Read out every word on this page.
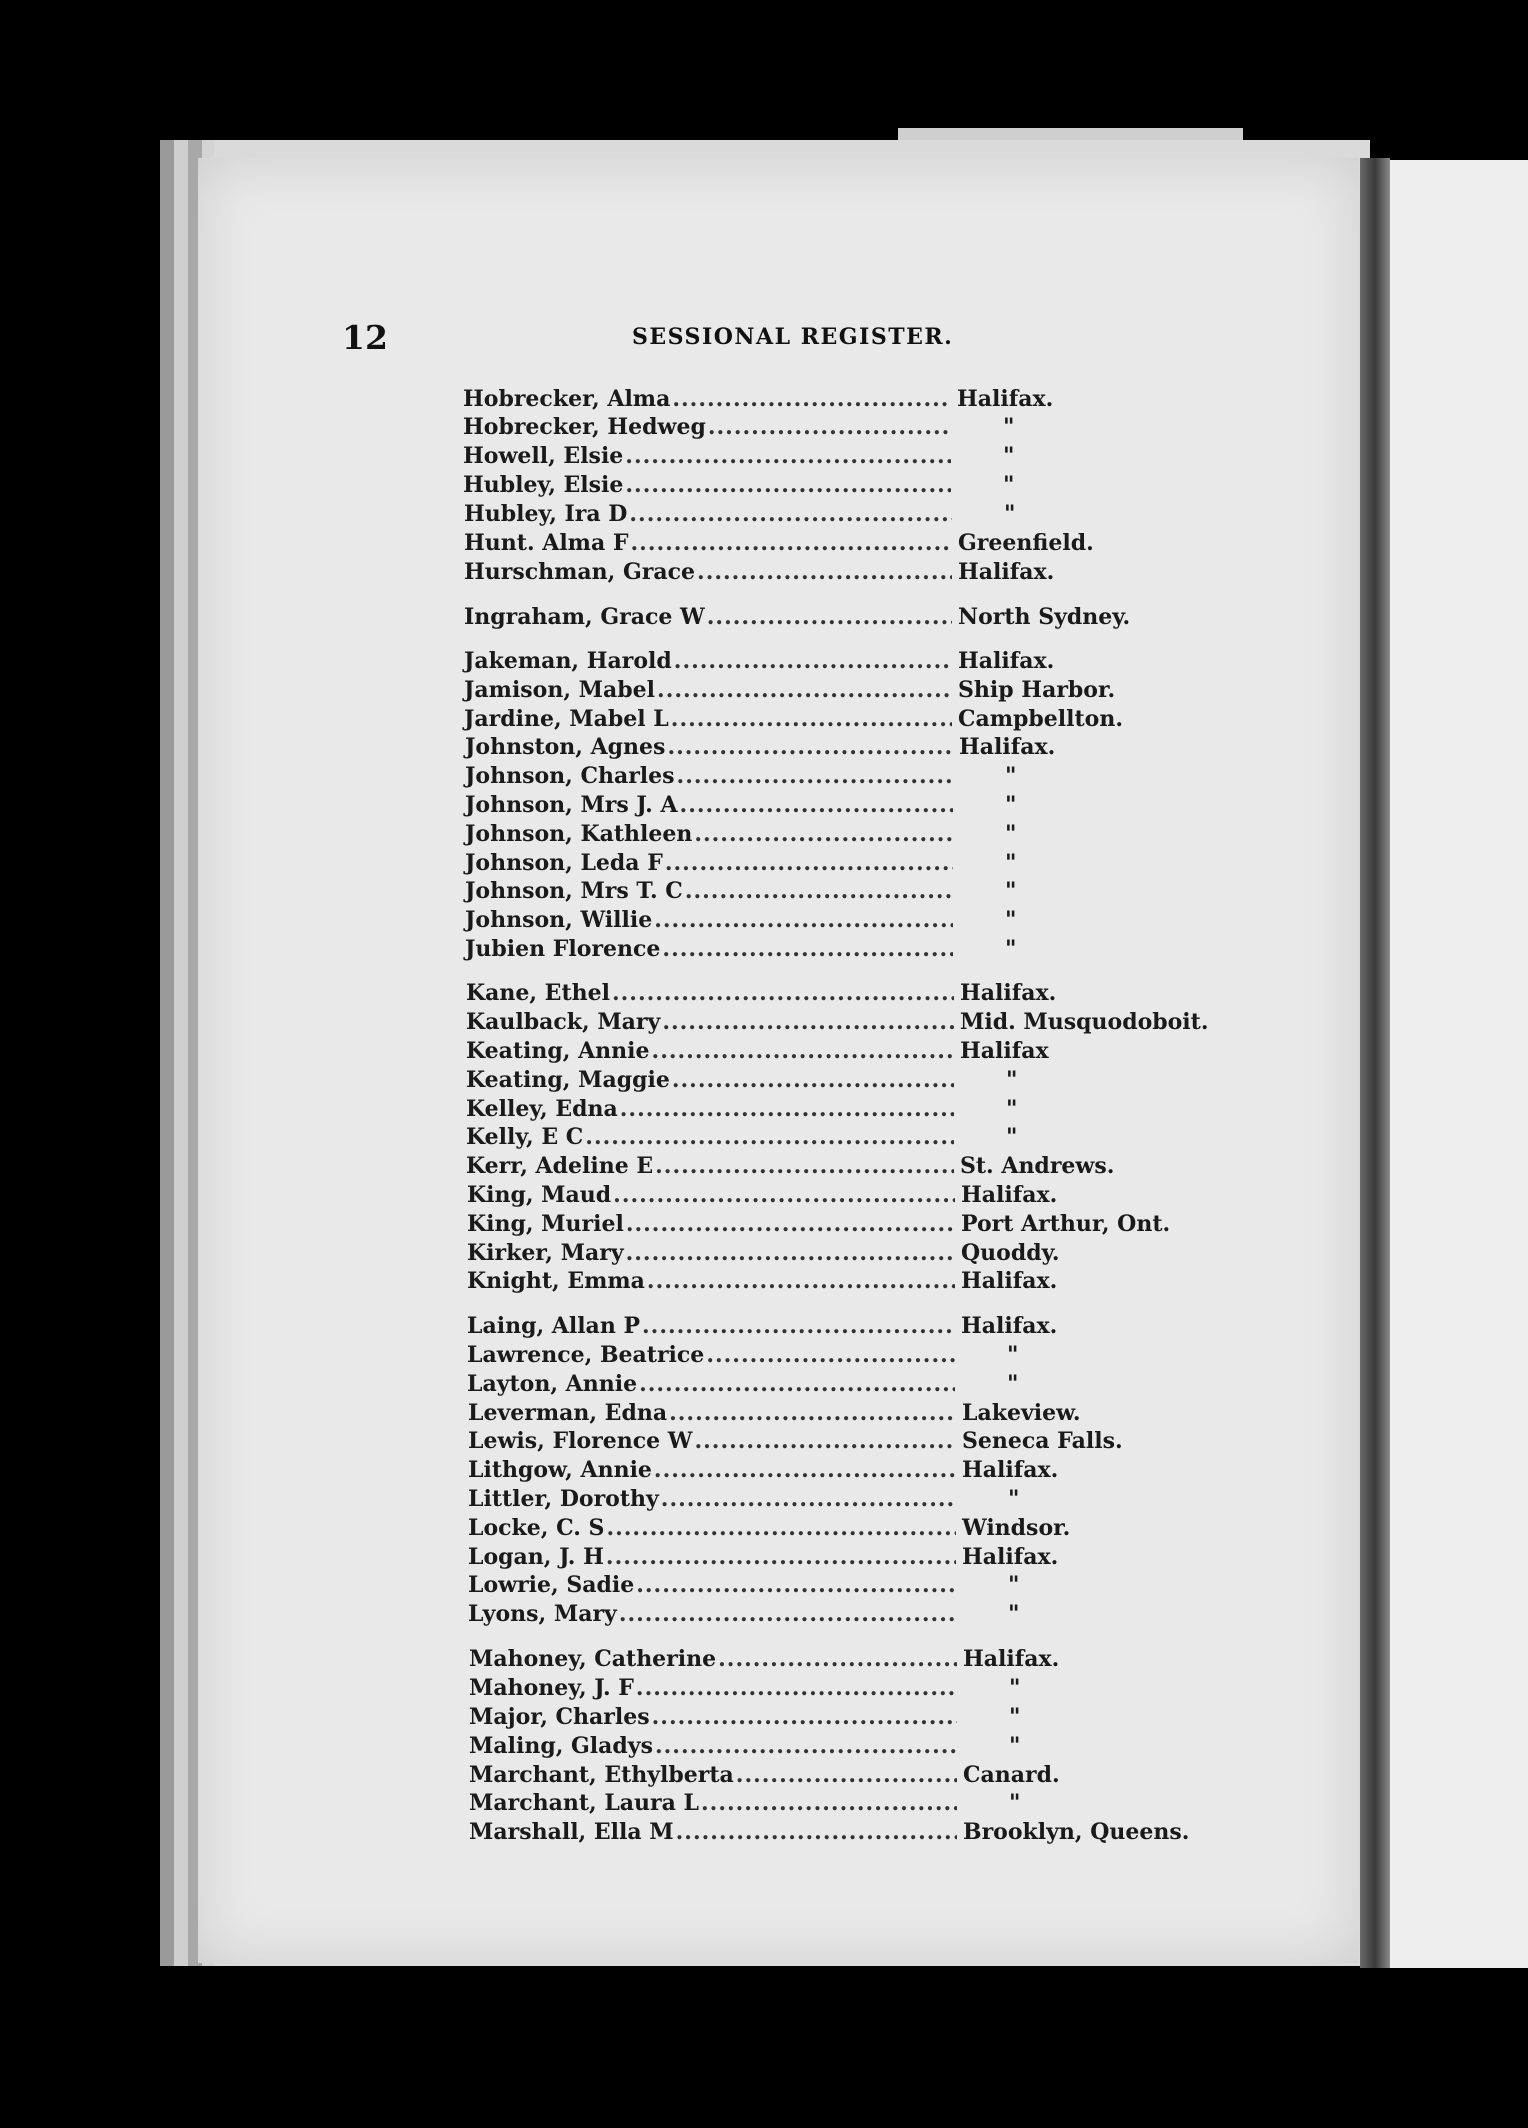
12	SESSIONAL REGISTER.
Hobrecker, Alma .....	Halifax.
Hobrecker, Hedweg .....	"
Howell, Elsie .....	"
Hubley, Elsie .....	"
Hubley, Ira D .....	"
Hunt. Alma F .....	Greenfield.
Hurschman, Grace .....	Halifax.
Ingraham, Grace W .....	North Sydney.
Jakeman, Harold .....	Halifax.
Jamison, Mabel .....	Ship Harbor.
Jardine, Mabel L .....	Campbellton.
Johnston, Agnes .....	Halifax.
Johnson, Charles .....	"
Johnson, Mrs J. A .....	"
Johnson, Kathleen .....	"
Johnson, Leda F .....	"
Johnson, Mrs T. C .....	"
Johnson, Willie .....	"
Jubien Florence .....	"
Kane, Ethel .....	Halifax.
Kaulback, Mary .....	Mid. Musquodoboit.
Keating, Annie .....	Halifax
Keating, Maggie .....	"
Kelley, Edna .....	"
Kelly, E C .....	"
Kerr, Adeline E .....	St. Andrews.
King, Maud .....	Halifax.
King, Muriel .....	Port Arthur, Ont.
Kirker, Mary .....	Quoddy.
Knight, Emma .....	Halifax.
Laing, Allan P .....	Halifax.
Lawrence, Beatrice .....	"
Layton, Annie .....	"
Leverman, Edna .....	Lakeview.
Lewis, Florence W .....	Seneca Falls.
Lithgow, Annie .....	Halifax.
Littler, Dorothy .....	"
Locke, C. S .....	Windsor.
Logan, J. H .....	Halifax.
Lowrie, Sadie .....	"
Lyons, Mary .....	"
Mahoney, Catherine .....	Halifax.
Mahoney, J. F .....	"
Major, Charles .....	"
Maling, Gladys .....	"
Marchant, Ethylberta .....	Canard.
Marchant, Laura L .....	"
Marshall, Ella M .....	Brooklyn, Queens.
